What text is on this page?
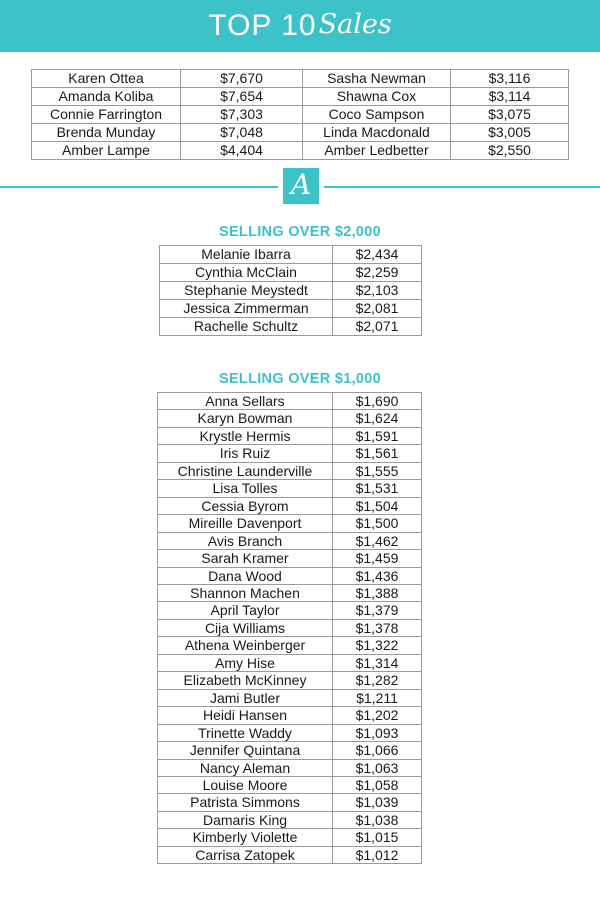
TOP 10 Sales
Karen Ottea	$7,670	Sasha Newman	$3,116
Amanda Koliba	$7,654	Shawna Cox	$3,114
Connie Farrington	$7,303	Coco Sampson	$3,075
Brenda Munday	$7,048	Linda Macdonald	$3,005
Amber Lampe	$4,404	Amber Ledbetter	$2,550
A
SELLING OVER $2,000
Melanie Ibarra	$2,434
Cynthia McClain	$2,259
Stephanie Meystedt	$2,103
Jessica Zimmerman	$2,081
Rachelle Schultz	$2,071
SELLING OVER $1,000
Anna Sellars	$1,690
Karyn Bowman	$1,624
Krystle Hermis	$1,591
Iris Ruiz	$1,561
Christine Launderville	$1,555
Lisa Tolles	$1,531
Cessia Byrom	$1,504
Mireille Davenport	$1,500
Avis Branch	$1,462
Sarah Kramer	$1,459
Dana Wood	$1,436
Shannon Machen	$1,388
April Taylor	$1,379
Cija Williams	$1,378
Athena Weinberger	$1,322
Amy Hise	$1,314
Elizabeth McKinney	$1,282
Jami Butler	$1,211
Heidi Hansen	$1,202
Trinette Waddy	$1,093
Jennifer Quintana	$1,066
Nancy Aleman	$1,063
Louise Moore	$1,058
Patrista Simmons	$1,039
Damaris King	$1,038
Kimberly Violette	$1,015
Carrisa Zatopek	$1,012
